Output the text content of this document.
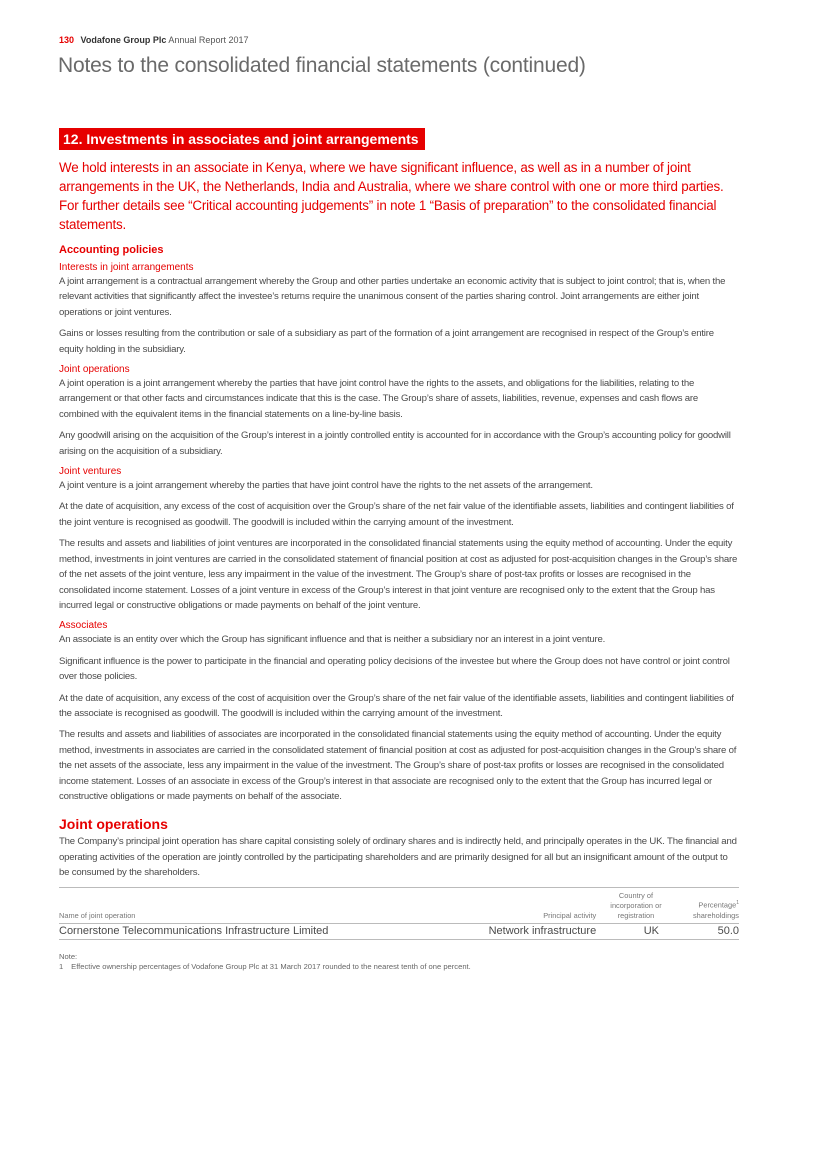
130 Vodafone Group Plc Annual Report 2017
Notes to the consolidated financial statements (continued)
12. Investments in associates and joint arrangements

We hold interests in an associate in Kenya, where we have significant influence, as well as in a number of joint arrangements in the UK, the Netherlands, India and Australia, where we share control with one or more third parties. For further details see “Critical accounting judgements” in note 1 “Basis of preparation” to the consolidated financial statements.

Accounting policies
Interests in joint arrangements

A joint arrangement is a contractual arrangement whereby the Group and other parties undertake an economic activity that is subject to joint control; that is, when the relevant activities that significantly affect the investee’s returns require the unanimous consent of the parties sharing control. Joint arrangements are either joint operations or joint ventures.

Gains or losses resulting from the contribution or sale of a subsidiary as part of the formation of a joint arrangement are recognised in respect of the Group’s entire equity holding in the subsidiary.

Joint operations

A joint operation is a joint arrangement whereby the parties that have joint control have the rights to the assets, and obligations for the liabilities, relating to the arrangement or that other facts and circumstances indicate that this is the case. The Group’s share of assets, liabilities, revenue, expenses and cash flows are combined with the equivalent items in the financial statements on a line-by-line basis.

Any goodwill arising on the acquisition of the Group’s interest in a jointly controlled entity is accounted for in accordance with the Group’s accounting policy for goodwill arising on the acquisition of a subsidiary.

Joint ventures

A joint venture is a joint arrangement whereby the parties that have joint control have the rights to the net assets of the arrangement.

At the date of acquisition, any excess of the cost of acquisition over the Group’s share of the net fair value of the identifiable assets, liabilities and contingent liabilities of the joint venture is recognised as goodwill. The goodwill is included within the carrying amount of the investment.

The results and assets and liabilities of joint ventures are incorporated in the consolidated financial statements using the equity method of accounting. Under the equity method, investments in joint ventures are carried in the consolidated statement of financial position at cost as adjusted for post-acquisition changes in the Group’s share of the net assets of the joint venture, less any impairment in the value of the investment. The Group’s share of post-tax profits or losses are recognised in the consolidated income statement. Losses of a joint venture in excess of the Group’s interest in that joint venture are recognised only to the extent that the Group has incurred legal or constructive obligations or made payments on behalf of the joint venture.

Associates

An associate is an entity over which the Group has significant influence and that is neither a subsidiary nor an interest in a joint venture.

Significant influence is the power to participate in the financial and operating policy decisions of the investee but where the Group does not have control or joint control over those policies.

At the date of acquisition, any excess of the cost of acquisition over the Group’s share of the net fair value of the identifiable assets, liabilities and contingent liabilities of the associate is recognised as goodwill. The goodwill is included within the carrying amount of the investment.

The results and assets and liabilities of associates are incorporated in the consolidated financial statements using the equity method of accounting. Under the equity method, investments in associates are carried in the consolidated statement of financial position at cost as adjusted for post-acquisition changes in the Group’s share of the net assets of the associate, less any impairment in the value of the investment. The Group’s share of post-tax profits or losses are recognised in the consolidated income statement. Losses of an associate in excess of the Group’s interest in that associate are recognised only to the extent that the Group has incurred legal or constructive obligations or made payments on behalf of the associate.

Joint operations

The Company’s principal joint operation has share capital consisting solely of ordinary shares and is indirectly held, and principally operates in the UK. The financial and operating activities of the operation are jointly controlled by the participating shareholders and are primarily designed for all but an insignificant amount of the output to be consumed by the shareholders.

Name of joint operation	Principal activity	Country of incorporation or registration	Percentage$^1$
shareholdings
Cornerstone Telecommunications Infrastructure Limited	Network infrastructure	UK	50.0
Note:
1 Effective ownership percentages of Vodafone Group Plc at 31 March 2017 rounded to the nearest tenth of one percent.
